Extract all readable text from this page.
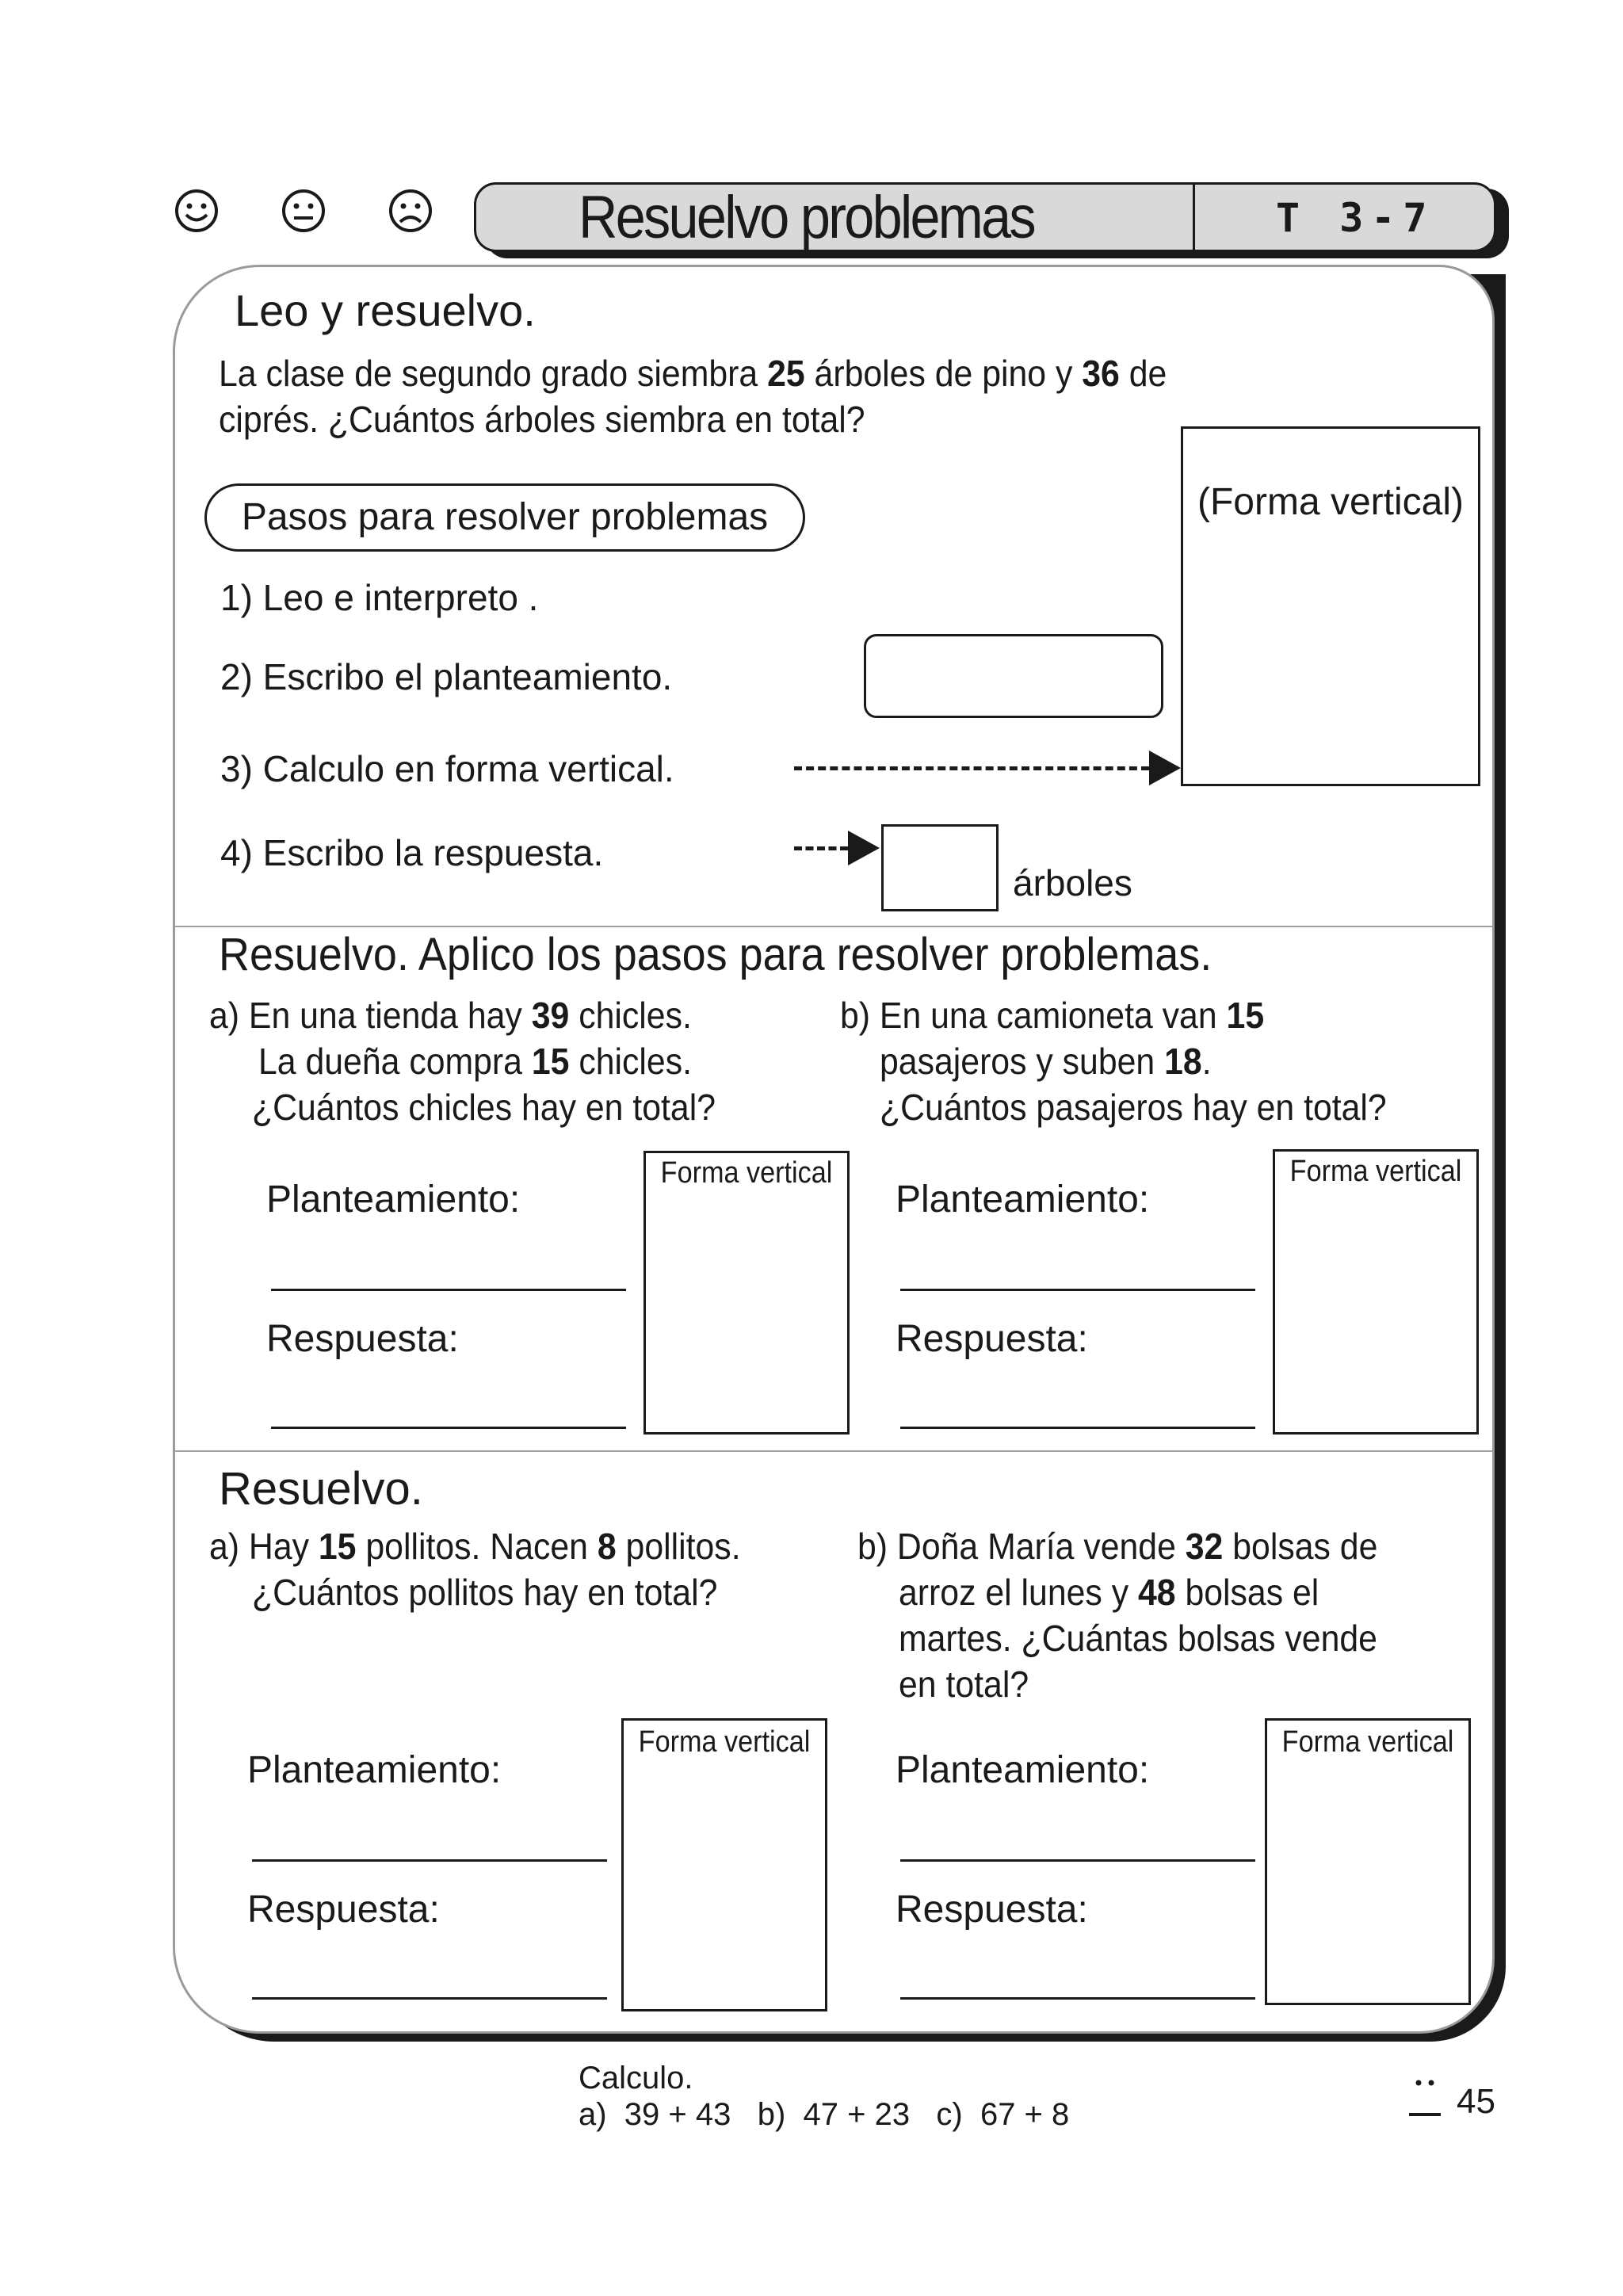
Resuelvo problemas	T 3-7
Leo y resuelvo.
La clase de segundo grado siembra 25 árboles de pino y 36 de
ciprés. ¿Cuántos árboles siembra en total?
Pasos para resolver problemas
1) Leo e interpreto .
2) Escribo el planteamiento.
3) Calculo en forma vertical.
4) Escribo la respuesta.
(Forma vertical)
árboles
Resuelvo. Aplico los pasos para resolver problemas.
a) En una tienda hay 39 chicles.
La dueña compra 15 chicles.
¿Cuántos chicles hay en total?
b) En una camioneta van 15
pasajeros y suben 18.
¿Cuántos pasajeros hay en total?
Planteamiento:
Respuesta:
Forma vertical
Planteamiento:
Respuesta:
Forma vertical
Resuelvo.
a) Hay 15 pollitos. Nacen 8 pollitos.
¿Cuántos pollitos hay en total?
b) Doña María vende 32 bolsas de
arroz el lunes y 48 bolsas el
martes. ¿Cuántas bolsas vende
en total?
Planteamiento:
Respuesta:
Forma vertical
Planteamiento:
Respuesta:
Forma vertical
Calculo.
a)  39 + 43   b)  47 + 23   c)  67 + 8	45
